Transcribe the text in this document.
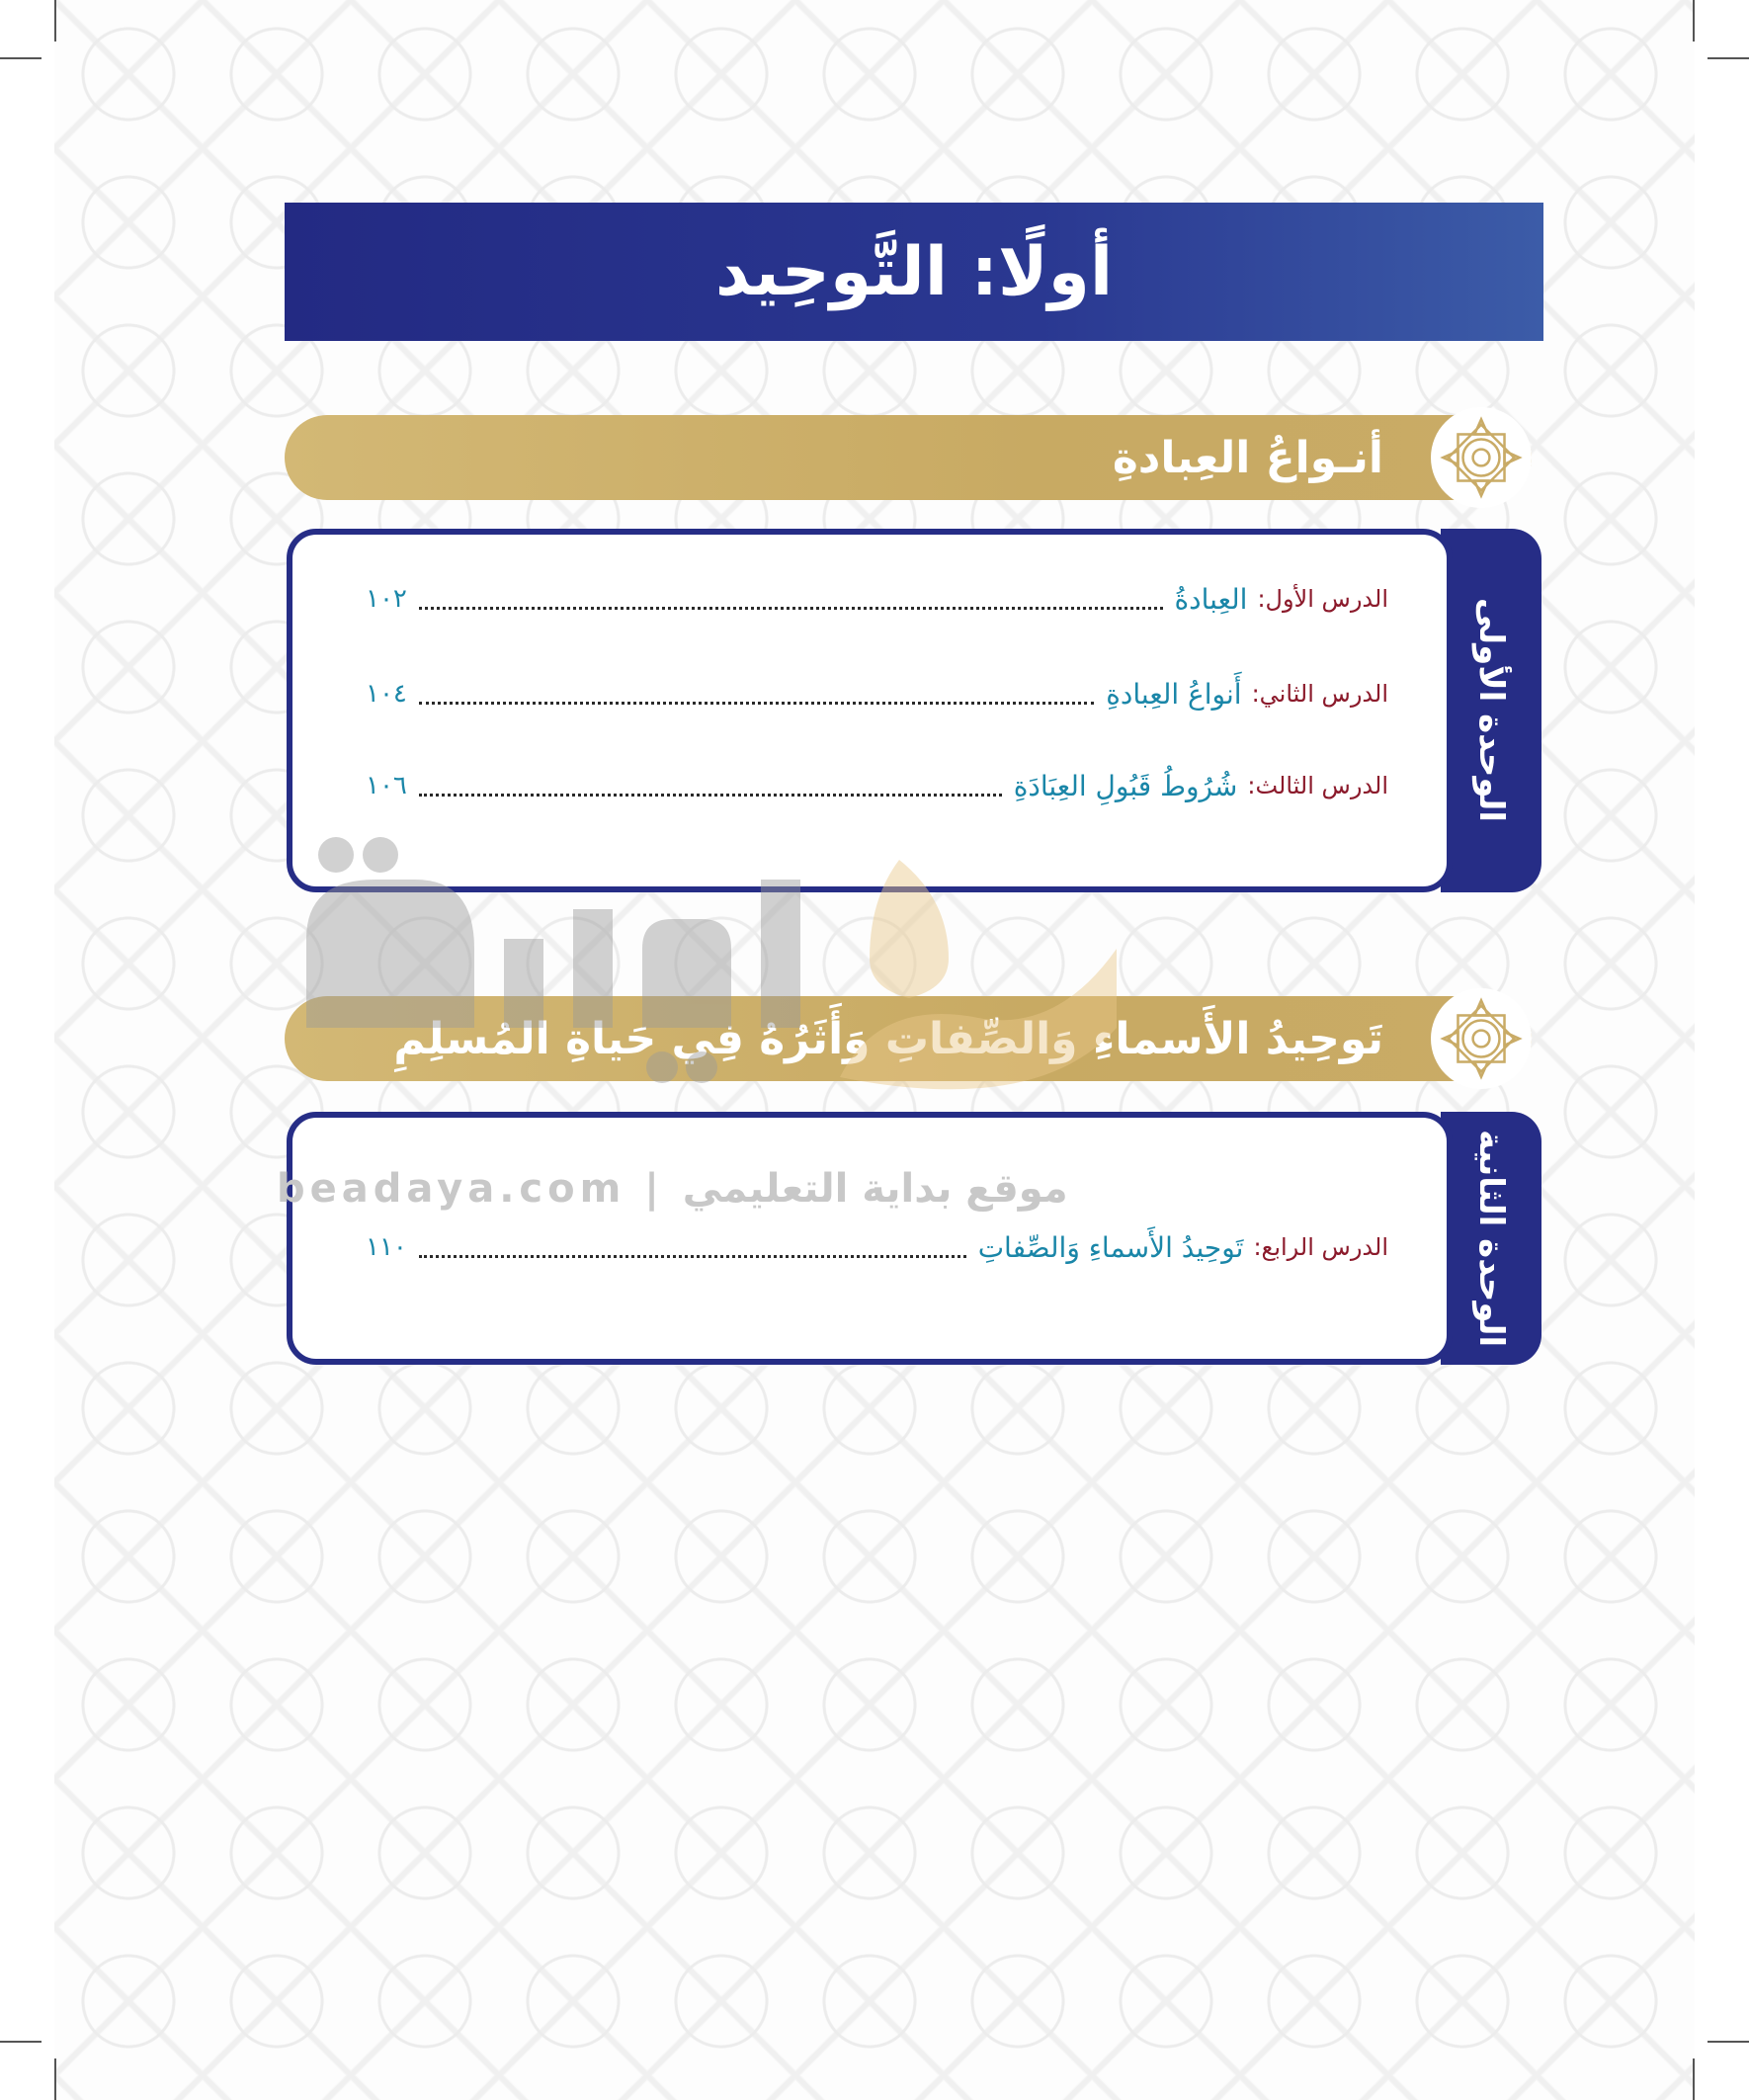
أولًا: التَّوحِيد
أنـواعُ العِبادةِ
الوحدة الأولى
الدرس الأول:
العِبادةُ
١٠٢
الدرس الثاني:
أَنواعُ العِبادةِ
١٠٤
الدرس الثالث:
شُرُوطُ قَبُولِ العِبَادَةِ
١٠٦
تَوحِيدُ الأَسماءِ وَالصِّفاتِ وَأَثَرُهُ فِي حَياةِ المُسلِمِ
الوحدة الثانية
الدرس الرابع:
تَوحِيدُ الأَسماءِ وَالصِّفاتِ
١١٠
beadaya.com | موقع بداية التعليمي
